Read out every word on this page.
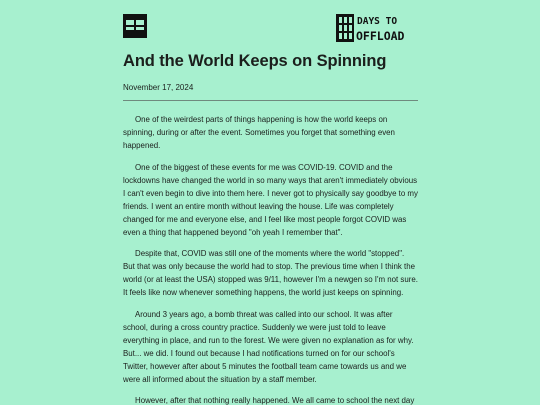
DAYS TO
OFFLOAD
And the World Keeps on Spinning
November 17, 2024

One of the weirdest parts of things happening is how the world keeps on spinning, during or after the event. Sometimes you forget that something even happened.

One of the biggest of these events for me was COVID-19. COVID and the lockdowns have changed the world in so many ways that aren't immediately obvious I can't even begin to dive into them here. I never got to physically say goodbye to my friends. I went an entire month without leaving the house. Life was completely changed for me and everyone else, and I feel like most people forgot COVID was even a thing that happened beyond "oh yeah I remember that".

Despite that, COVID was still one of the moments where the world "stopped". But that was only because the world had to stop. The previous time when I think the world (or at least the USA) stopped was 9/11, however I'm a newgen so I'm not sure. It feels like now whenever something happens, the world just keeps on spinning.

Around 3 years ago, a bomb threat was called into our school. It was after school, during a cross country practice. Suddenly we were just told to leave everything in place, and run to the forest. We were given no explanation as for why. But... we did. I found out because I had notifications turned on for our school's Twitter, however after about 5 minutes the football team came towards us and we were all informed about the situation by a staff member.

However, after that nothing really happened. We all came to school the next day
